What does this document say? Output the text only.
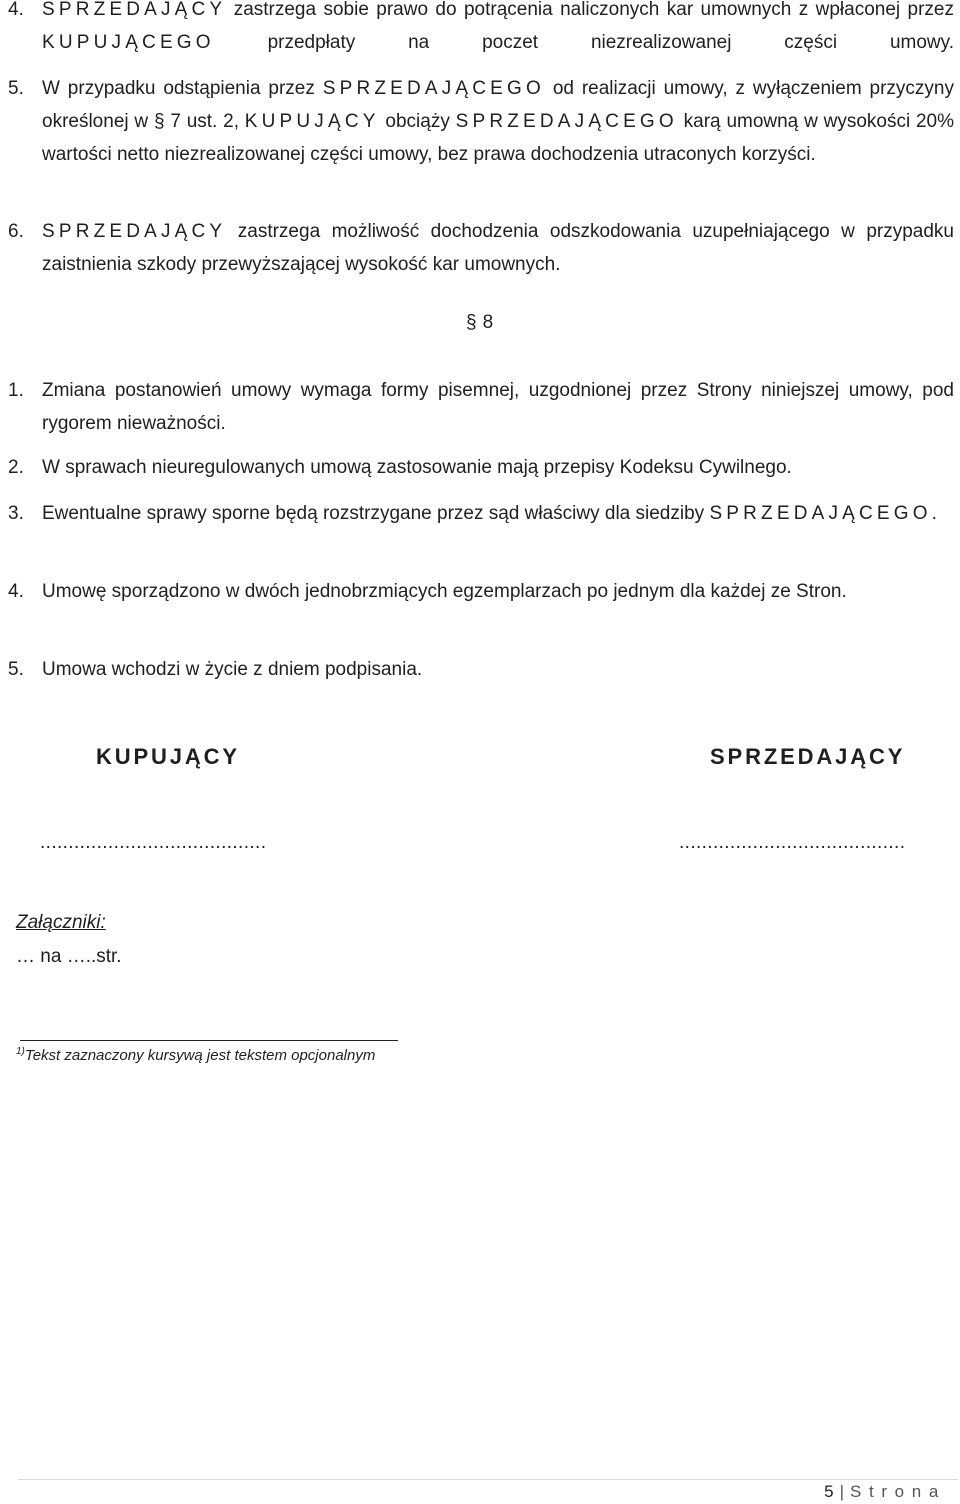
4. SPRZEDAJĄCY zastrzega sobie prawo do potrącenia naliczonych kar umownych z wpłaconej przez KUPUJĄCEGO przedpłaty na poczet niezrealizowanej części umowy.
5. W przypadku odstąpienia przez SPRZEDAJĄCEGO od realizacji umowy, z wyłączeniem przyczyny określonej w § 7 ust. 2, KUPUJĄCY obciąży SPRZEDAJĄCEGO karą umowną w wysokości 20% wartości netto niezrealizowanej części umowy, bez prawa dochodzenia utraconych korzyści.
6. SPRZEDAJĄCY zastrzega możliwość dochodzenia odszkodowania uzupełniającego w przypadku zaistnienia szkody przewyższającej wysokość kar umownych.
§ 8
1. Zmiana postanowień umowy wymaga formy pisemnej, uzgodnionej przez Strony niniejszej umowy, pod rygorem nieważności.
2. W sprawach nieuregulowanych umową zastosowanie mają przepisy Kodeksu Cywilnego.
3. Ewentualne sprawy sporne będą rozstrzygane przez sąd właściwy dla siedziby SPRZEDAJĄCEGO.
4. Umowę sporządzono w dwóch jednobrzmiących egzemplarzach po jednym dla każdej ze Stron.
5. Umowa wchodzi w życie z dniem podpisania.
KUPUJĄCY	SPRZEDAJĄCY
........................................	........................................
Załączniki:
… na …..str.
$^{1)}$Tekst zaznaczony kursywą jest tekstem opcjonalnym
5 | Strona
